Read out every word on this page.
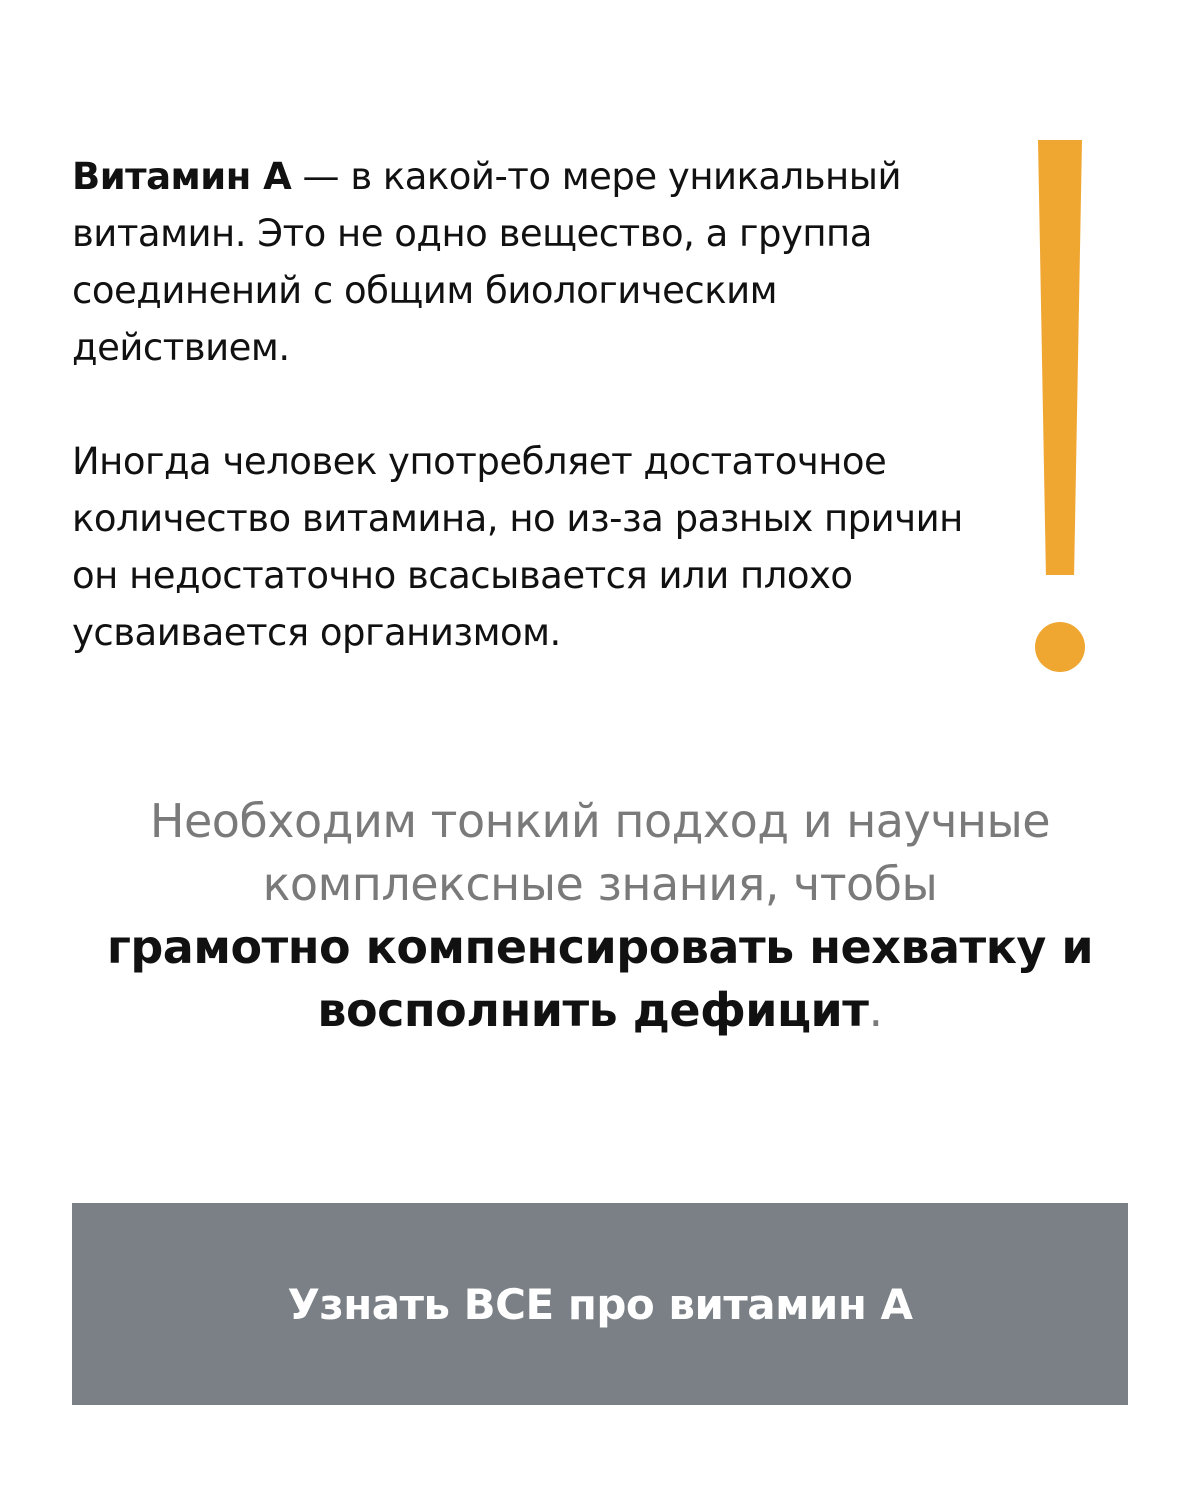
Витамин А — в какой-то мере уникальный витамин. Это не одно вещество, а группа соединений с общим биологическим действием.

Иногда человек употребляет достаточное количество витамина, но из-за разных причин он недостаточно всасывается или плохо усваивается организмом.

Необходим тонкий подход и научные комплексные знания, чтобы
грамотно компенсировать нехватку и восполнить дефицит.
Узнать ВСЕ про витамин А
